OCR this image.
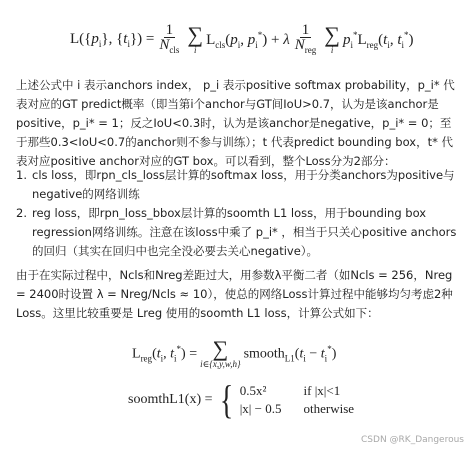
$L(\{p_i\}$, $\{t_i\}) = \frac{1}{N_{cls}}$ ∑
i
$L_{cls}(p_i$, $p_i^*) + \lambda \frac{1}{N_{reg}}$ ∑
i
$p_i^*L_{reg}(t_i$, $t_i^*$)

上述公式中 i 表示anchors index， p_i 表示positive softmax probability，p_i* 代表对应的GT predict概率（即当第i个anchor与GT间IoU>0.7，认为是该anchor是positive，p_i* = 1；反之IoU<0.3时，认为是该anchor是negative，p_i* = 0；至于那些0.3<IoU<0.7的anchor则不参与训练）；t 代表predict bounding box，t* 代表对应positive anchor对应的GT box。可以看到，整个Loss分为2部分：

1. cls loss，即rpn_cls_loss层计算的softmax loss，用于分类anchors为positive与negative的网络训练
2. reg loss，即rpn_loss_bbox层计算的soomth L1 loss，用于bounding box regression网络训练。注意在该loss中乘了 p_i* ，相当于只关心positive anchors的回归（其实在回归中也完全没必要去关心negative）。

由于在实际过程中，Ncls和Nreg差距过大，用参数λ平衡二者（如Ncls = 256，Nreg = 2400时设置 λ = Nreg/Ncls ≈ 10），使总的网络Loss计算过程中能够均匀考虑2种Loss。这里比较重要是 Lreg 使用的soomth L1 loss，计算公式如下：

$L_{reg}(t_i$, $t_i^*$) = ∑
i∈{x,y,w,h}
$smooth_{L1}(t_i - t_i^*)$
soomthL1(x) = { 0.5x²	if |x|<1
|x| − 0.5 otherwise
CSDN @RK_Dangerous
